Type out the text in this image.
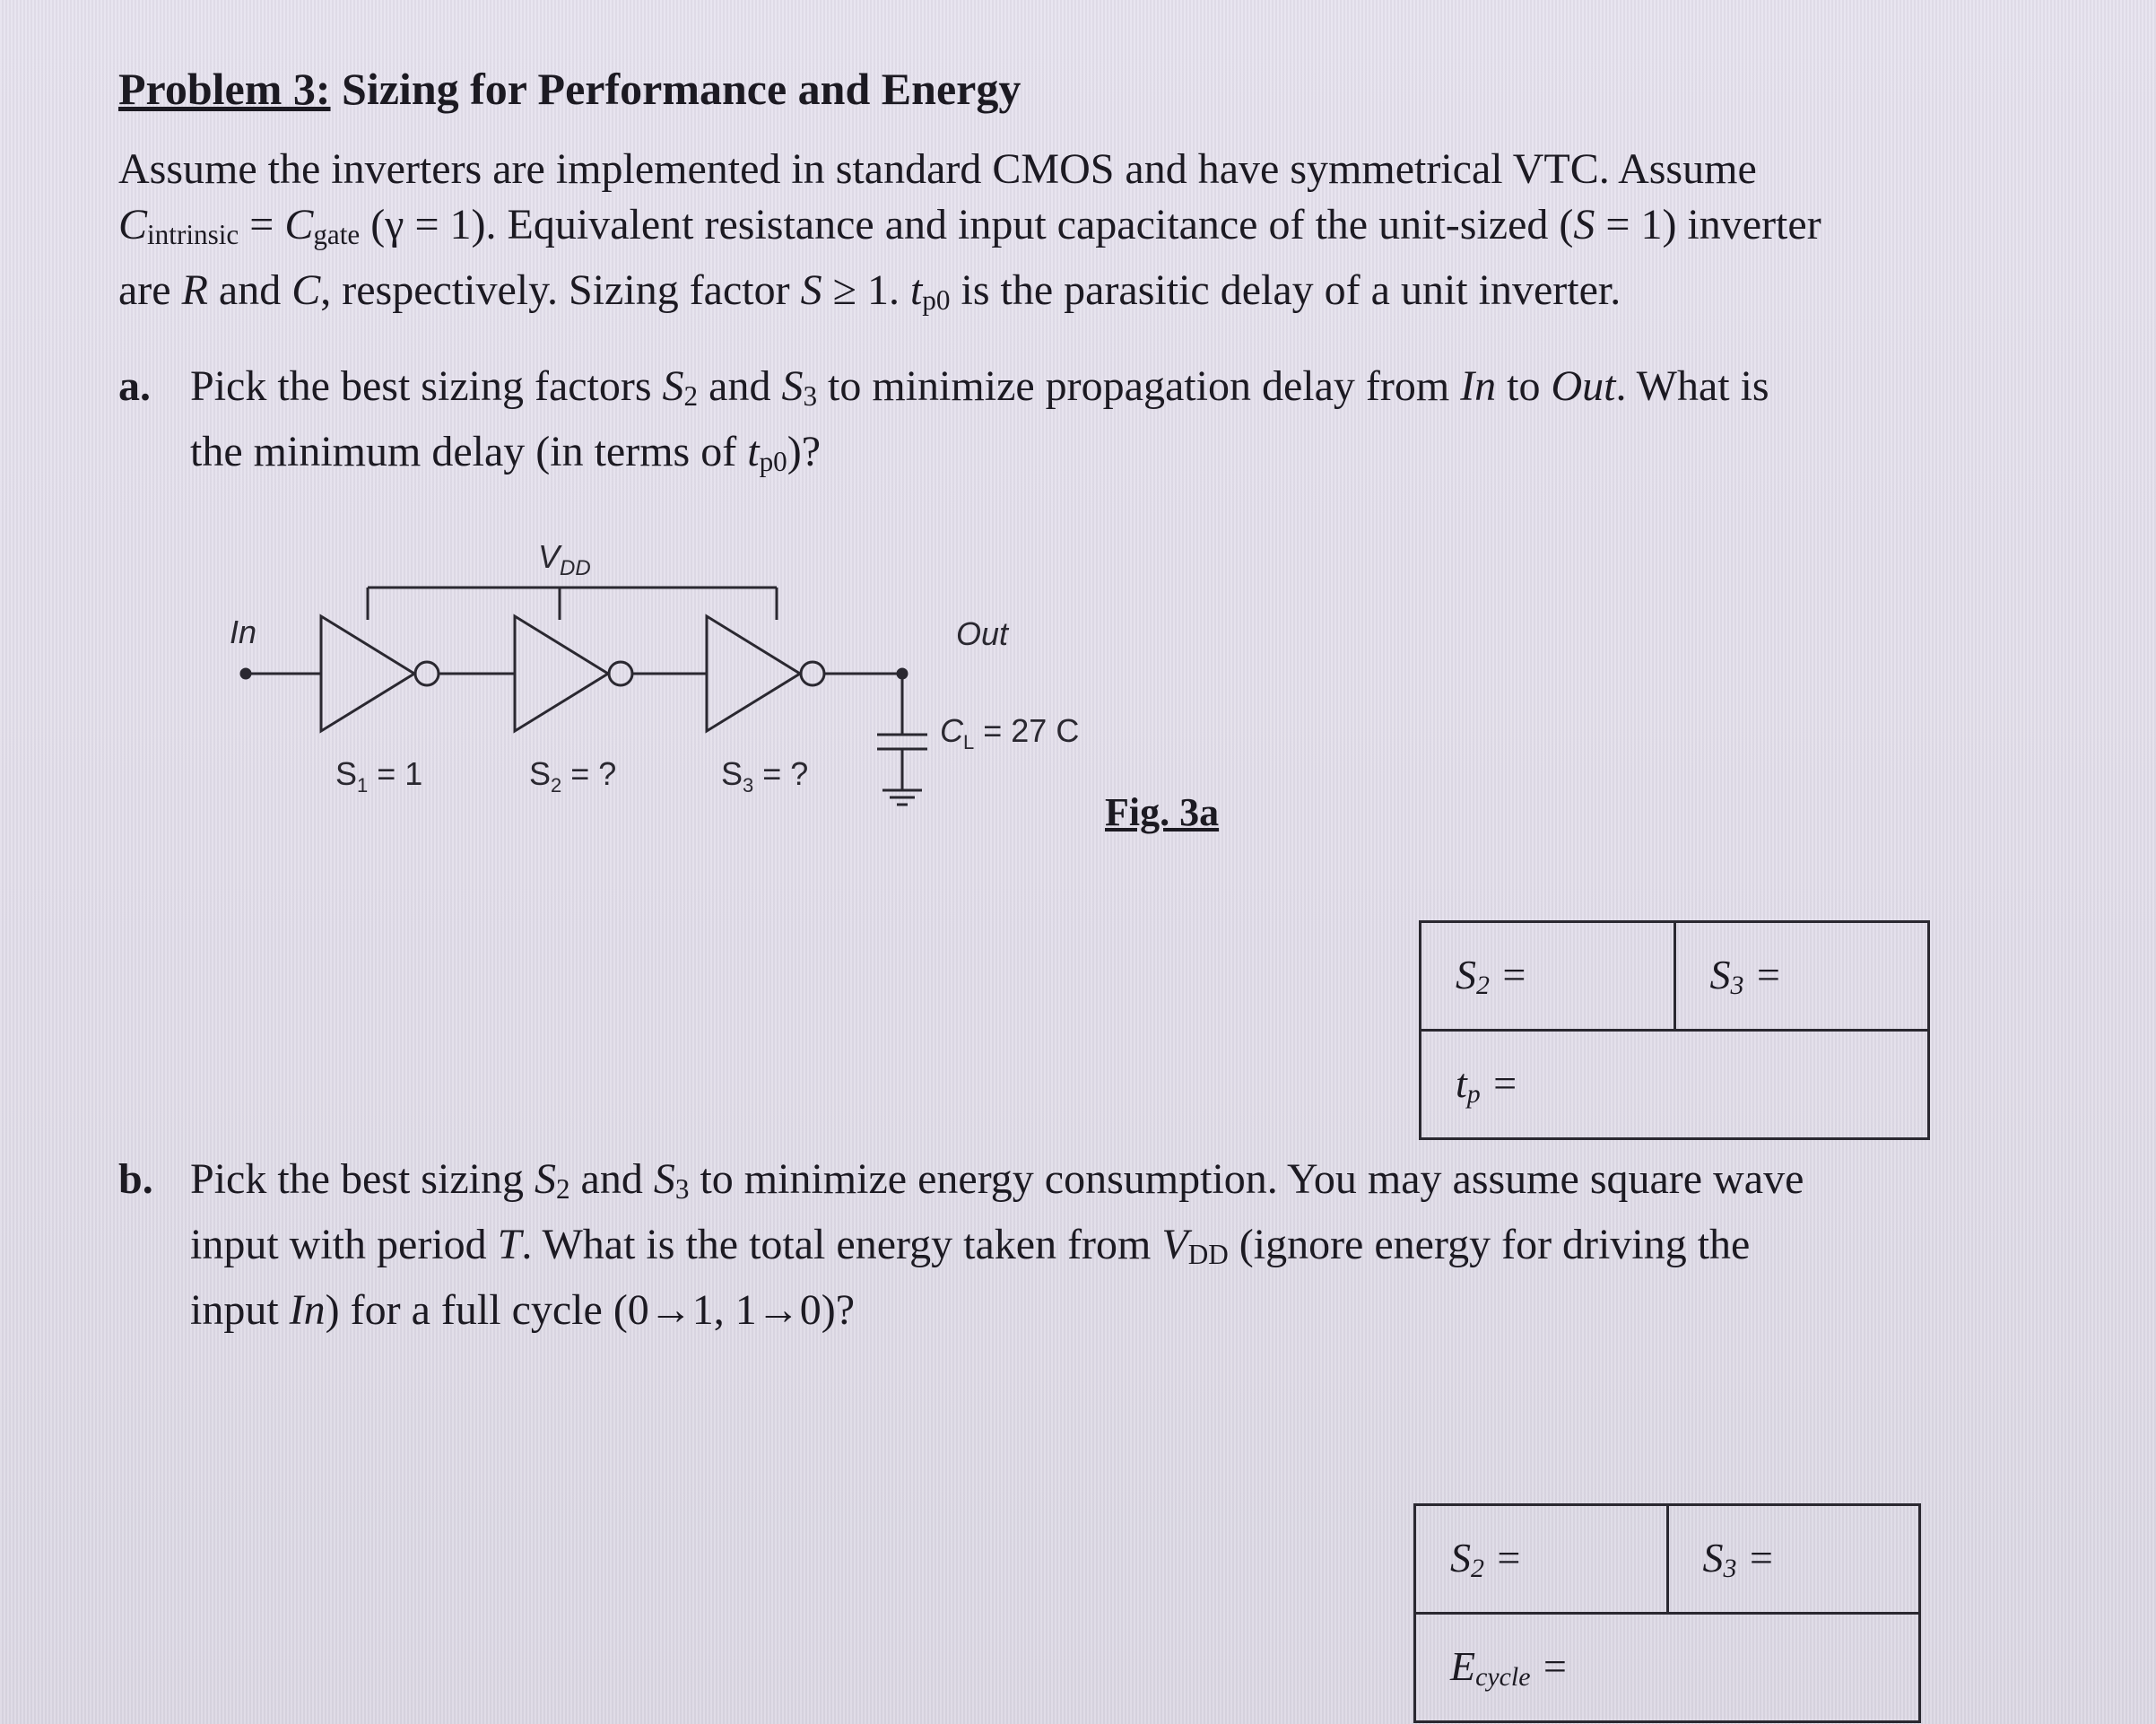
Problem 3: Sizing for Performance and Energy
Assume the inverters are implemented in standard CMOS and have symmetrical VTC. Assume
$C_{intrinsic} = C_{gate}$ (γ = 1). Equivalent resistance and input capacitance of the unit-sized (S = 1) inverter
are R and C, respectively. Sizing factor S ≥ 1. $t_{p0}$ is the parasitic delay of a unit inverter.
a. Pick the best sizing factors $S_2$ and $S_3$ to minimize propagation delay from In to Out. What is
the minimum delay (in terms of $t_{p0}$)?
$V_{DD}$
In	Out
$C_L = 27$ C
$S_1 = 1$	$S_2$ = ?	$S_3$ = ?
Fig. 3a
$S_2$ =	$S_3$ =
$t_p$ =
b. Pick the best sizing $S_2$ and $S_3$ to minimize energy consumption. You may assume square wave
input with period T. What is the total energy taken from $V_{DD}$ (ignore energy for driving the
input In) for a full cycle (0→1, 1→0)?
$S_2$ =	$S_3$ =
$E_{cycle}$ =
